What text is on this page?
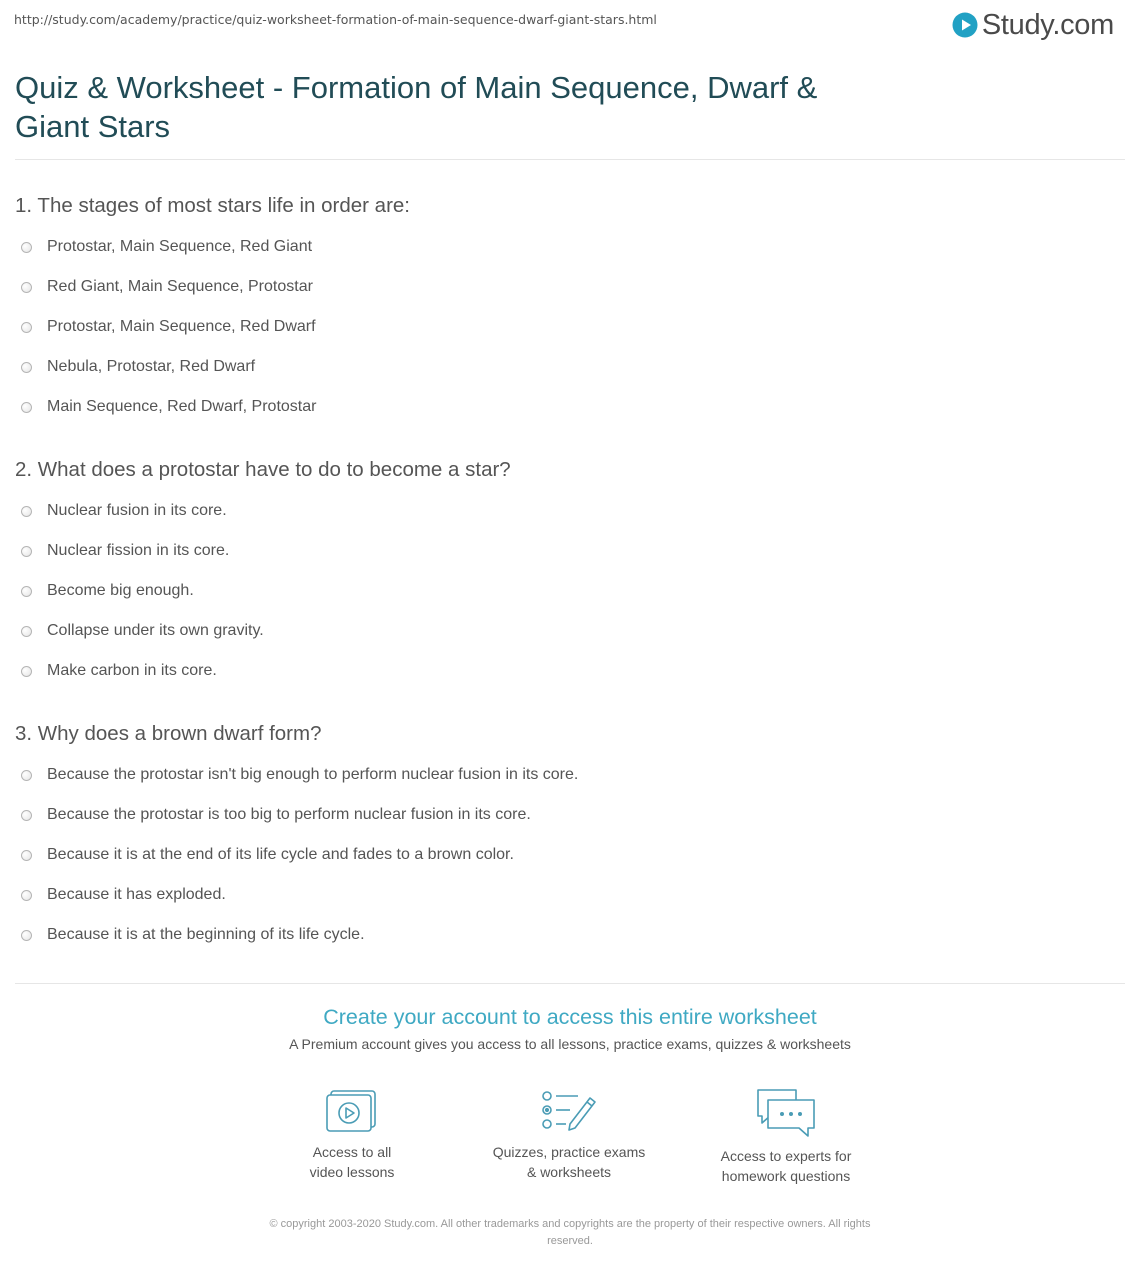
http://study.com/academy/practice/quiz-worksheet-formation-of-main-sequence-dwarf-giant-stars.html	Study.com
Quiz & Worksheet - Formation of Main Sequence, Dwarf & Giant Stars
1. The stages of most stars life in order are:
Protostar, Main Sequence, Red Giant
Red Giant, Main Sequence, Protostar
Protostar, Main Sequence, Red Dwarf
Nebula, Protostar, Red Dwarf
Main Sequence, Red Dwarf, Protostar
2. What does a protostar have to do to become a star?
Nuclear fusion in its core.
Nuclear fission in its core.
Become big enough.
Collapse under its own gravity.
Make carbon in its core.
3. Why does a brown dwarf form?
Because the protostar isn't big enough to perform nuclear fusion in its core.
Because the protostar is too big to perform nuclear fusion in its core.
Because it is at the end of its life cycle and fades to a brown color.
Because it has exploded.
Because it is at the beginning of its life cycle.
Create your account to access this entire worksheet
A Premium account gives you access to all lessons, practice exams, quizzes & worksheets
Access to all
video lessons
Quizzes, practice exams
& worksheets
Access to experts for
homework questions
© copyright 2003-2020 Study.com. All other trademarks and copyrights are the property of their respective owners. All rights
reserved.
